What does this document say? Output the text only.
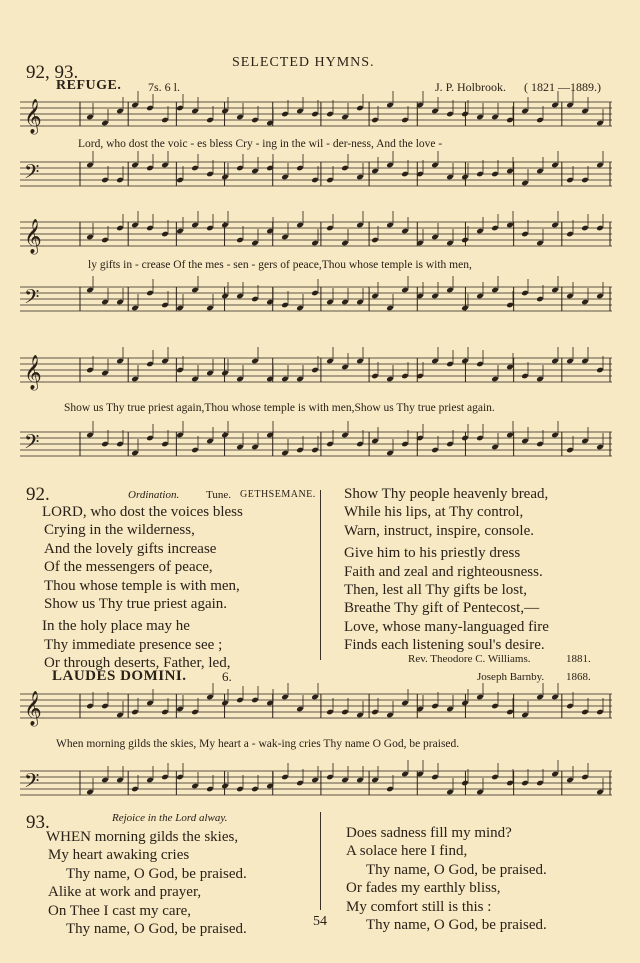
SELECTED HYMNS.
92, 93.
REFUGE. 7s. 6 l.	J. P. Holbrook. ( 1821 —1889.)
𝄞
Lord, who dost the voic - es bless Cry - ing in the wil - der-ness, And the love -
𝄢
𝄞
ly gifts in - crease Of the mes - sen - gers of peace,Thou whose temple is with men,
𝄢
𝄞
Show us Thy true priest again,Thou whose temple is with men,Show us Thy true priest again.
𝄢
92.	Ordination. Tune. GETHSEMANE.
LORD, who dost the voices bless
Crying in the wilderness,
And the lovely gifts increase
Of the messengers of peace,
Thou whose temple is with men,
Show us Thy true priest again.
In the holy place may he
Thy immediate presence see ;
Or through deserts, Father, led,
Show Thy people heavenly bread,
While his lips, at Thy control,
Warn, instruct, inspire, console.
Give him to his priestly dress
Faith and zeal and righteousness.
Then, lest all Thy gifts be lost,
Breathe Thy gift of Pentecost,—
Love, whose many-languaged fire
Finds each listening soul's desire.
Rev. Theodore C. Williams.	1881.
LAUDES DOMINI.	6.	Joseph Barnby. 1868.
𝄞
When morning gilds the skies, My heart a - wak-ing cries Thy name O God, be praised.
𝄢
93.	Rejoice in the Lord alway.
WHEN morning gilds the skies,
My heart awaking cries
Thy name, O God, be praised.
Alike at work and prayer,
On Thee I cast my care,
Thy name, O God, be praised.
Does sadness fill my mind?
A solace here I find,
Thy name, O God, be praised.
Or fades my earthly bliss,
My comfort still is this :
Thy name, O God, be praised.
54
